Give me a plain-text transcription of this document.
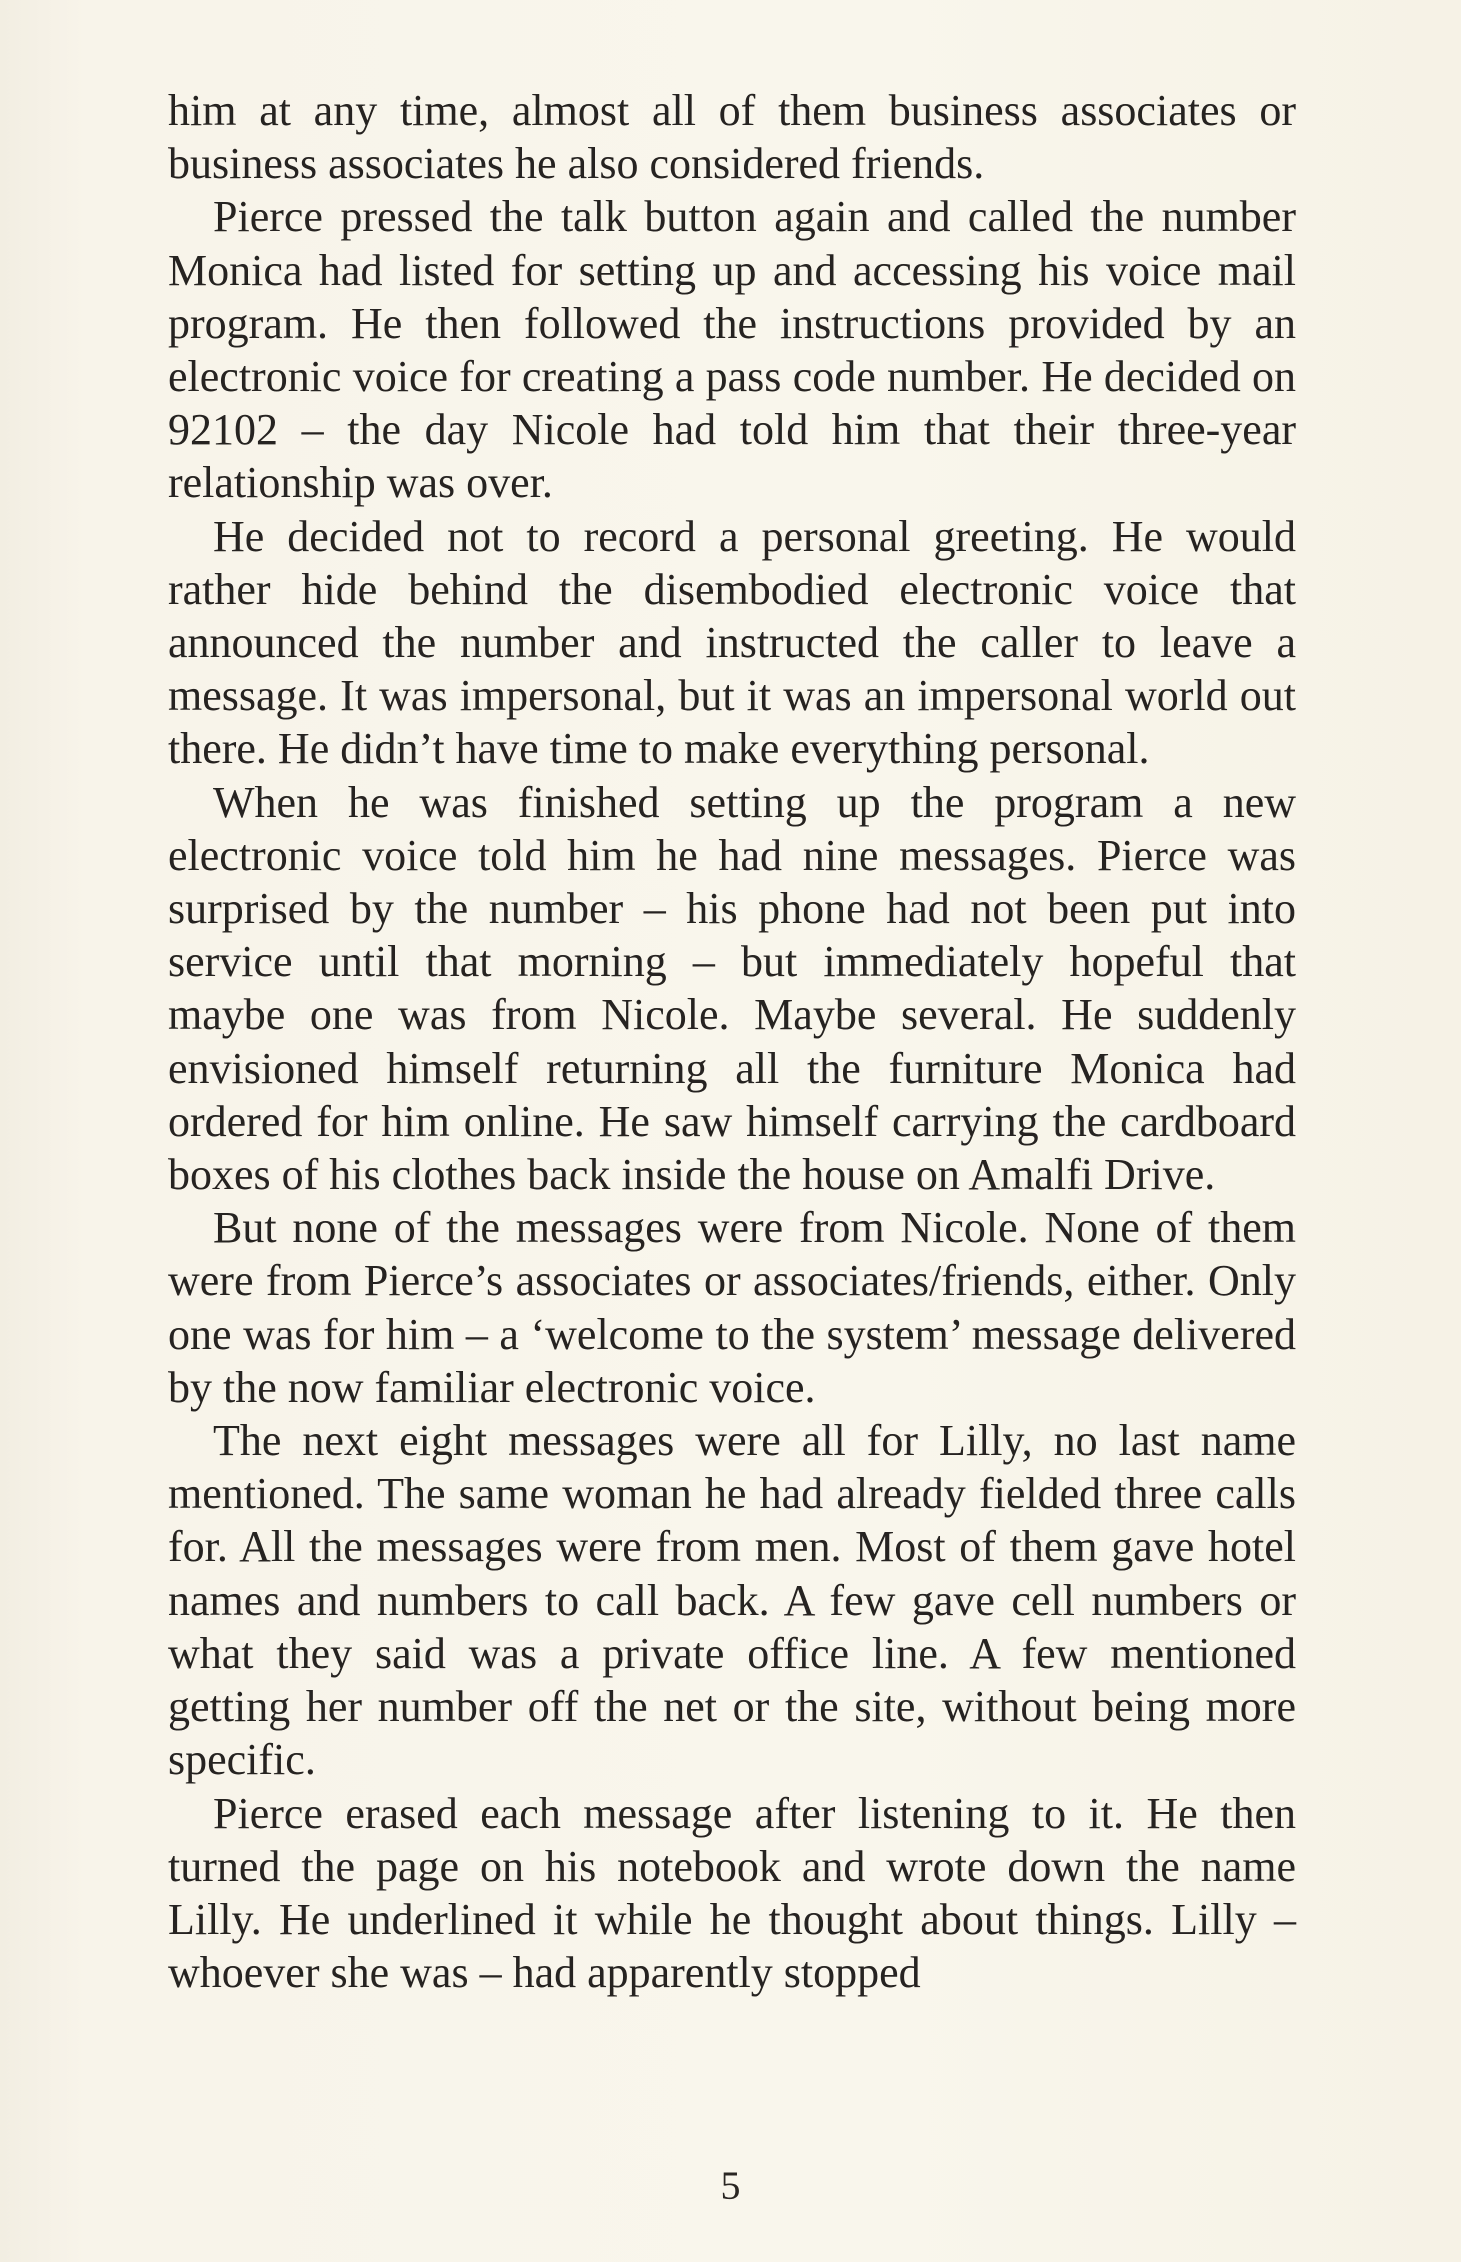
him at any time, almost all of them business associates or business associates he also considered friends.

Pierce pressed the talk button again and called the number Monica had listed for setting up and accessing his voice mail program. He then followed the instructions provided by an electronic voice for creating a pass code number. He decided on 92102 – the day Nicole had told him that their three-year relationship was over.

He decided not to record a personal greeting. He would rather hide behind the disembodied electronic voice that announced the number and instructed the caller to leave a message. It was impersonal, but it was an impersonal world out there. He didn’t have time to make everything personal.

When he was finished setting up the program a new electronic voice told him he had nine messages. Pierce was surprised by the number – his phone had not been put into service until that morning – but immediately hopeful that maybe one was from Nicole. Maybe several. He suddenly envisioned himself returning all the furniture Monica had ordered for him online. He saw himself carrying the cardboard boxes of his clothes back inside the house on Amalfi Drive.

But none of the messages were from Nicole. None of them were from Pierce’s associates or associates/friends, either. Only one was for him – a ‘welcome to the system’ message delivered by the now familiar electronic voice.

The next eight messages were all for Lilly, no last name mentioned. The same woman he had already fielded three calls for. All the messages were from men. Most of them gave hotel names and numbers to call back. A few gave cell numbers or what they said was a private office line. A few mentioned getting her number off the net or the site, without being more specific.

Pierce erased each message after listening to it. He then turned the page on his notebook and wrote down the name Lilly. He underlined it while he thought about things. Lilly – whoever she was – had apparently stopped

5
